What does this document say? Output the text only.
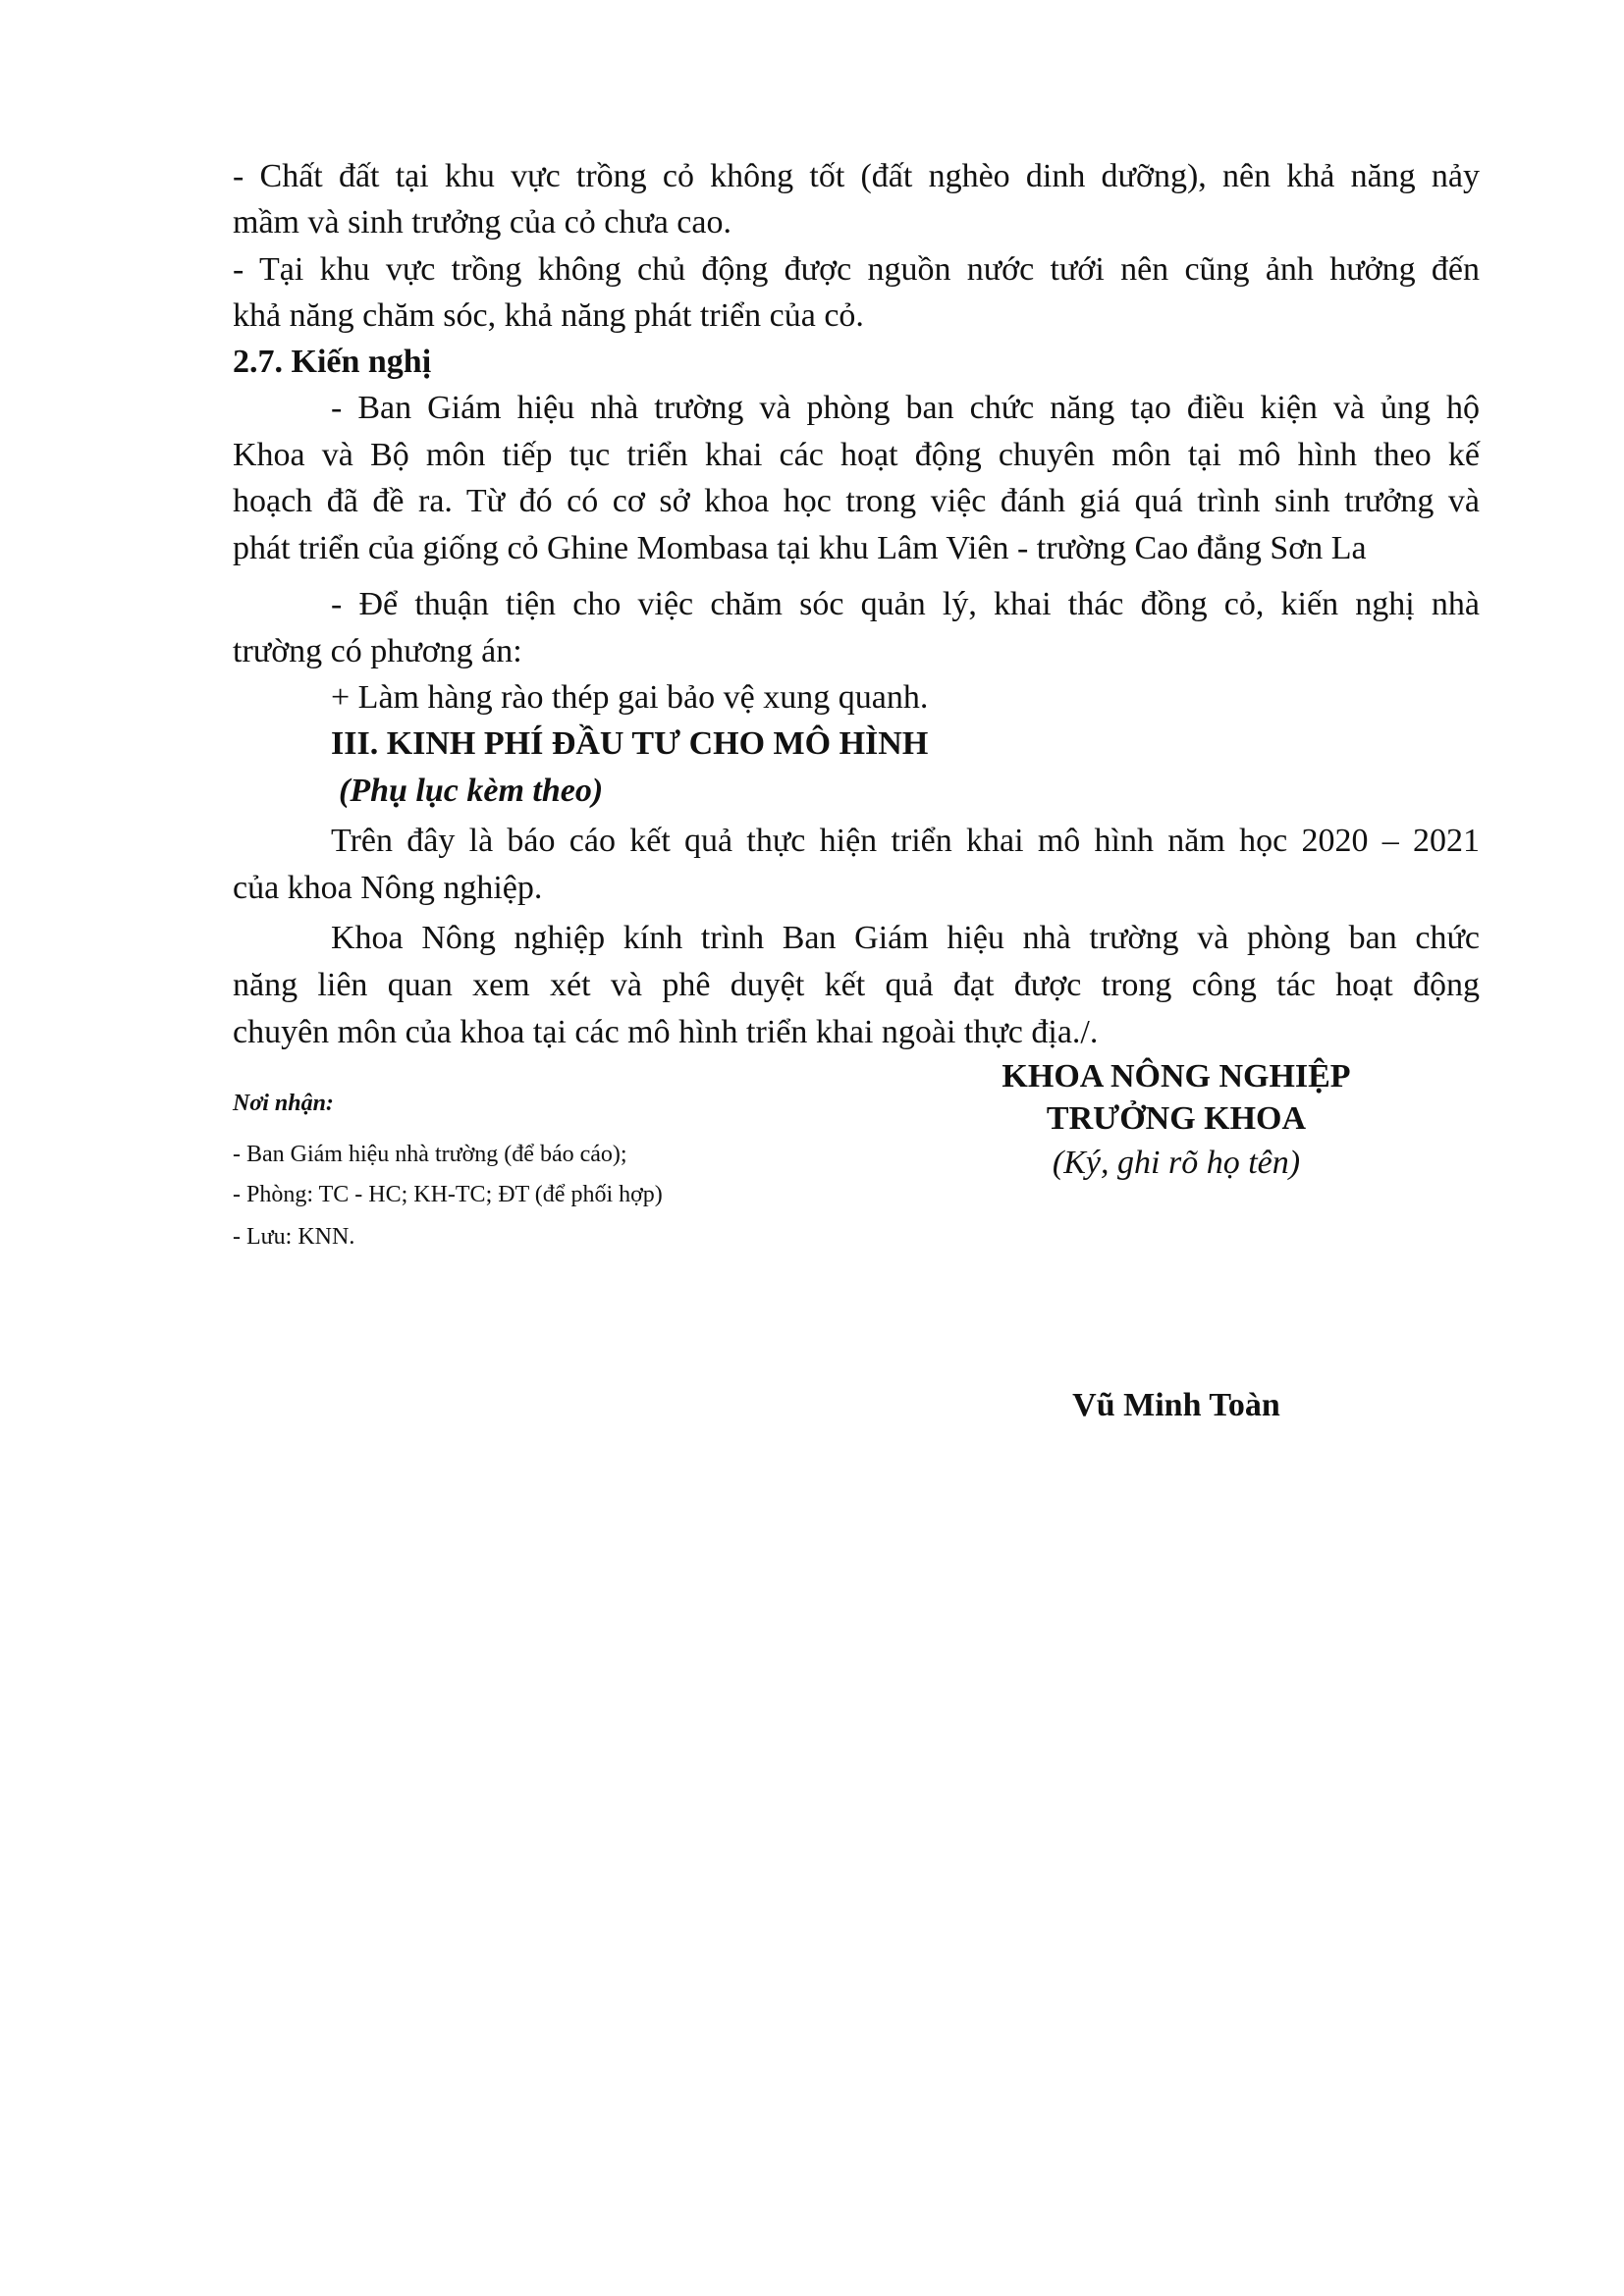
- Chất đất tại khu vực trồng cỏ không tốt (đất nghèo dinh dưỡng), nên khả năng nảy
mầm và sinh trưởng của cỏ chưa cao.
- Tại khu vực trồng không chủ động được nguồn nước tưới nên cũng ảnh hưởng đến
khả năng chăm sóc, khả năng phát triển của cỏ.
2.7. Kiến nghị
- Ban Giám hiệu nhà trường và phòng ban chức năng tạo điều kiện và ủng hộ
Khoa và Bộ môn tiếp tục triển khai các hoạt động chuyên môn tại mô hình theo kế
hoạch đã đề ra. Từ đó có cơ sở khoa học trong việc đánh giá quá trình sinh trưởng và
phát triển của giống cỏ Ghine Mombasa tại khu Lâm Viên - trường Cao đẳng Sơn La
- Để thuận tiện cho việc chăm sóc quản lý, khai thác đồng cỏ, kiến nghị nhà
trường có phương án:
+ Làm hàng rào thép gai bảo vệ xung quanh.
III. KINH PHÍ ĐẦU TƯ CHO MÔ HÌNH
(Phụ lục kèm theo)
Trên đây là báo cáo kết quả thực hiện triển khai mô hình năm học 2020 – 2021
của khoa Nông nghiệp.
Khoa Nông nghiệp kính trình Ban Giám hiệu nhà trường và phòng ban chức
năng liên quan xem xét và phê duyệt kết quả đạt được trong công tác hoạt động
chuyên môn của khoa tại các mô hình triển khai ngoài thực địa./.
Nơi nhận:
- Ban Giám hiệu nhà trường (để báo cáo);
- Phòng: TC - HC; KH-TC; ĐT (để phối hợp)
- Lưu: KNN.
KHOA NÔNG NGHIỆP
TRƯỞNG KHOA
(Ký, ghi rõ họ tên)
Vũ Minh Toàn
